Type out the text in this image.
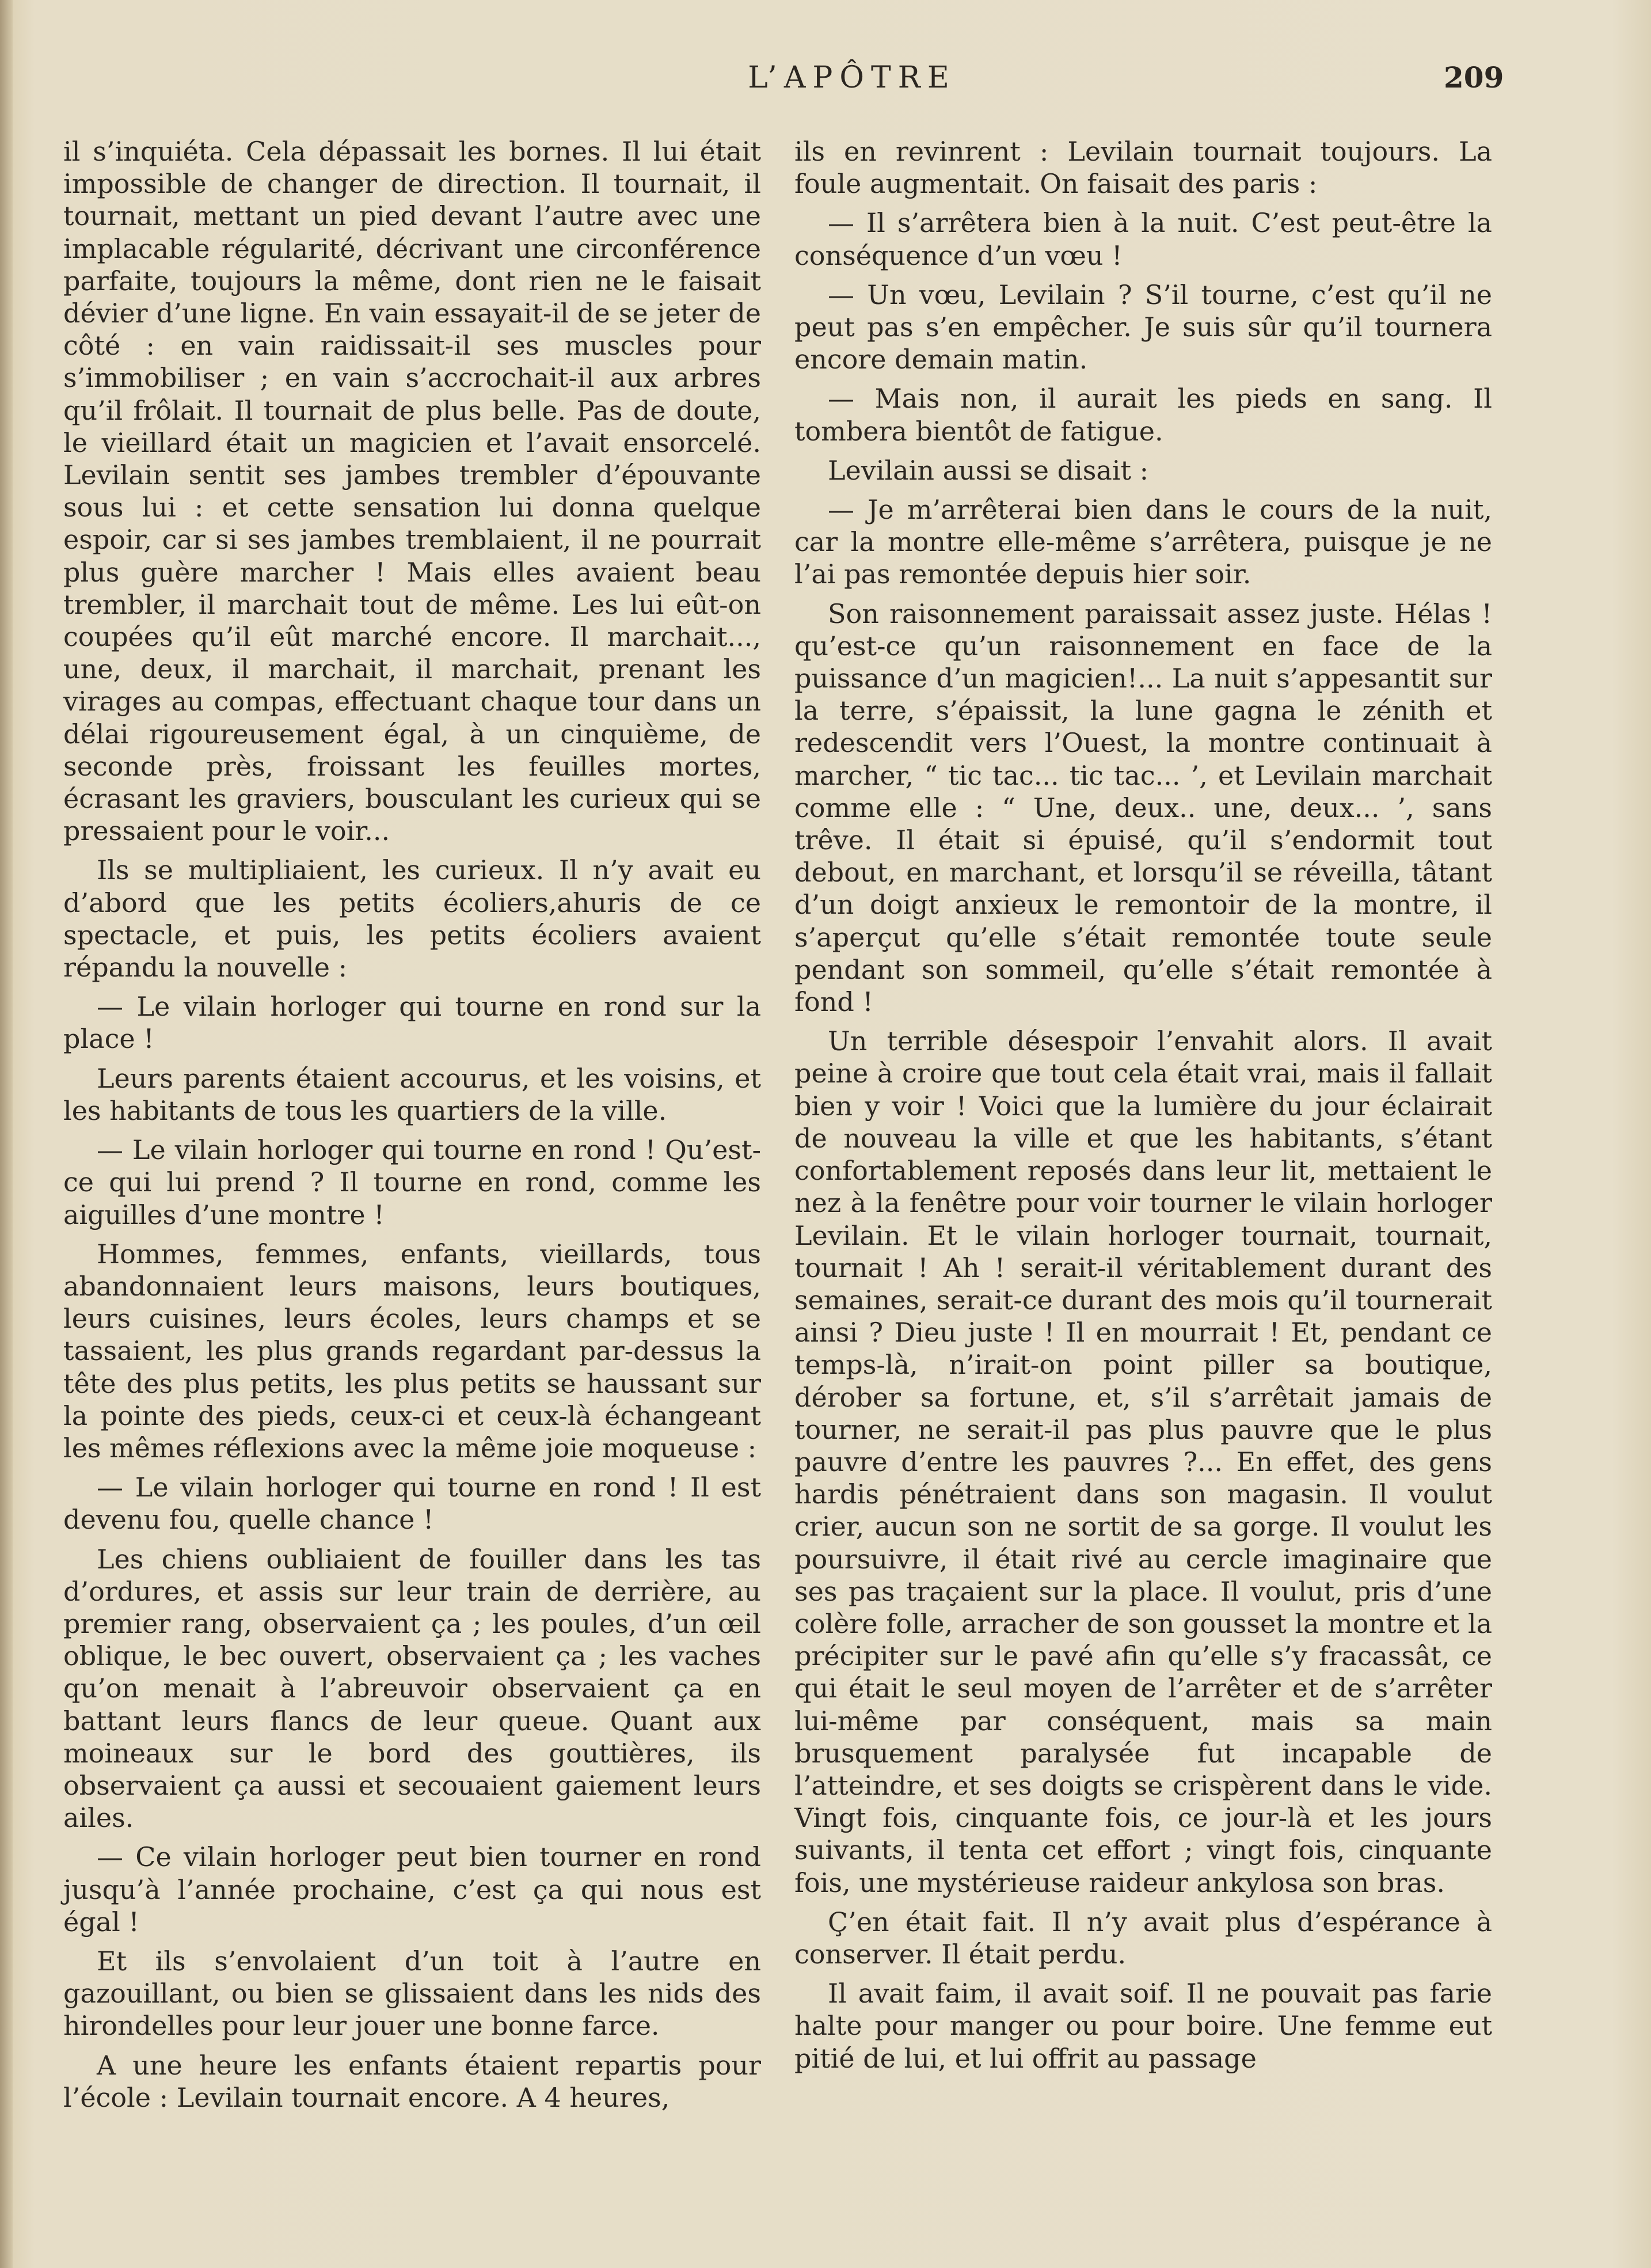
L’APÔTRE	209

il s’inquiéta. Cela dépassait les bornes. Il lui était impossible de changer de direction. Il tournait, il tournait, mettant un pied devant l’autre avec une implacable régularité, décrivant une circonférence parfaite, toujours la même, dont rien ne le faisait dévier d’une ligne. En vain essayait-il de se jeter de côté : en vain raidissait-il ses muscles pour s’immobiliser ; en vain s’accrochait-il aux arbres qu’il frôlait. Il tournait de plus belle. Pas de doute, le vieillard était un magicien et l’avait ensorcelé. Levilain sentit ses jambes trembler d’épouvante sous lui : et cette sensation lui donna quelque espoir, car si ses jambes tremblaient, il ne pourrait plus guère marcher ! Mais elles avaient beau trembler, il marchait tout de même. Les lui eût-on coupées qu’il eût marché encore. Il marchait..., une, deux, il marchait, il marchait, prenant les virages au compas, effectuant chaque tour dans un délai rigoureusement égal, à un cinquième, de seconde près, froissant les feuilles mortes, écrasant les graviers, bousculant les curieux qui se pressaient pour le voir...

Ils se multipliaient, les curieux. Il n’y avait eu d’abord que les petits écoliers,ahuris de ce spectacle, et puis, les petits écoliers avaient répandu la nouvelle :

— Le vilain horloger qui tourne en rond sur la place !

Leurs parents étaient accourus, et les voisins, et les habitants de tous les quartiers de la ville.

— Le vilain horloger qui tourne en rond ! Qu’est-ce qui lui prend ? Il tourne en rond, comme les aiguilles d’une montre !

Hommes, femmes, enfants, vieillards, tous abandonnaient leurs maisons, leurs boutiques, leurs cuisines, leurs écoles, leurs champs et se tassaient, les plus grands regardant par-dessus la tête des plus petits, les plus petits se haussant sur la pointe des pieds, ceux-ci et ceux-là échangeant les mêmes réflexions avec la même joie moqueuse :

— Le vilain horloger qui tourne en rond ! Il est devenu fou, quelle chance !

Les chiens oubliaient de fouiller dans les tas d’ordures, et assis sur leur train de derrière, au premier rang, observaient ça ; les poules, d’un œil oblique, le bec ouvert, observaient ça ; les vaches qu’on menait à l’abreuvoir observaient ça en battant leurs flancs de leur queue. Quant aux moineaux sur le bord des gouttières, ils observaient ça aussi et secouaient gaiement leurs ailes.

— Ce vilain horloger peut bien tourner en rond jusqu’à l’année prochaine, c’est ça qui nous est égal !

Et ils s’envolaient d’un toit à l’autre en gazouillant, ou bien se glissaient dans les nids des hirondelles pour leur jouer une bonne farce.

A une heure les enfants étaient repartis pour l’école : Levilain tournait encore. A 4 heures,

ils en revinrent : Levilain tournait toujours. La foule augmentait. On faisait des paris :

— Il s’arrêtera bien à la nuit. C’est peut-être la conséquence d’un vœu !

— Un vœu, Levilain ? S’il tourne, c’est qu’il ne peut pas s’en empêcher. Je suis sûr qu’il tournera encore demain matin.

— Mais non, il aurait les pieds en sang. Il tombera bientôt de fatigue.

Levilain aussi se disait :

— Je m’arrêterai bien dans le cours de la nuit, car la montre elle-même s’arrêtera, puisque je ne l’ai pas remontée depuis hier soir.

Son raisonnement paraissait assez juste. Hélas ! qu’est-ce qu’un raisonnement en face de la puissance d’un magicien!... La nuit s’appesantit sur la terre, s’épaissit, la lune gagna le zénith et redescendit vers l’Ouest, la montre continuait à marcher, “ tic tac... tic tac... ’, et Levilain marchait comme elle : “ Une, deux.. une, deux... ’, sans trêve. Il était si épuisé, qu’il s’endormit tout debout, en marchant, et lorsqu’il se réveilla, tâtant d’un doigt anxieux le remontoir de la montre, il s’aperçut qu’elle s’était remontée toute seule pendant son sommeil, qu’elle s’était remontée à fond !

Un terrible désespoir l’envahit alors. Il avait peine à croire que tout cela était vrai, mais il fallait bien y voir ! Voici que la lumière du jour éclairait de nouveau la ville et que les habitants, s’étant confortablement reposés dans leur lit, mettaient le nez à la fenêtre pour voir tourner le vilain horloger Levilain. Et le vilain horloger tournait, tournait, tournait ! Ah ! serait-il véritablement durant des semaines, serait-ce durant des mois qu’il tournerait ainsi ? Dieu juste ! Il en mourrait ! Et, pendant ce temps-là, n’irait-on point piller sa boutique, dérober sa fortune, et, s’il s’arrêtait jamais de tourner, ne serait-il pas plus pauvre que le plus pauvre d’entre les pauvres ?... En effet, des gens hardis pénétraient dans son magasin. Il voulut crier, aucun son ne sortit de sa gorge. Il voulut les poursuivre, il était rivé au cercle imaginaire que ses pas traçaient sur la place. Il voulut, pris d’une colère folle, arracher de son gousset la montre et la précipiter sur le pavé afin qu’elle s’y fracassât, ce qui était le seul moyen de l’arrêter et de s’arrêter lui-même par conséquent, mais sa main brusquement paralysée fut incapable de l’atteindre, et ses doigts se crispèrent dans le vide. Vingt fois, cinquante fois, ce jour-là et les jours suivants, il tenta cet effort ; vingt fois, cinquante fois, une mystérieuse raideur ankylosa son bras.

Ç’en était fait. Il n’y avait plus d’espérance à conserver. Il était perdu.

Il avait faim, il avait soif. Il ne pouvait pas farie halte pour manger ou pour boire. Une femme eut pitié de lui, et lui offrit au passage
